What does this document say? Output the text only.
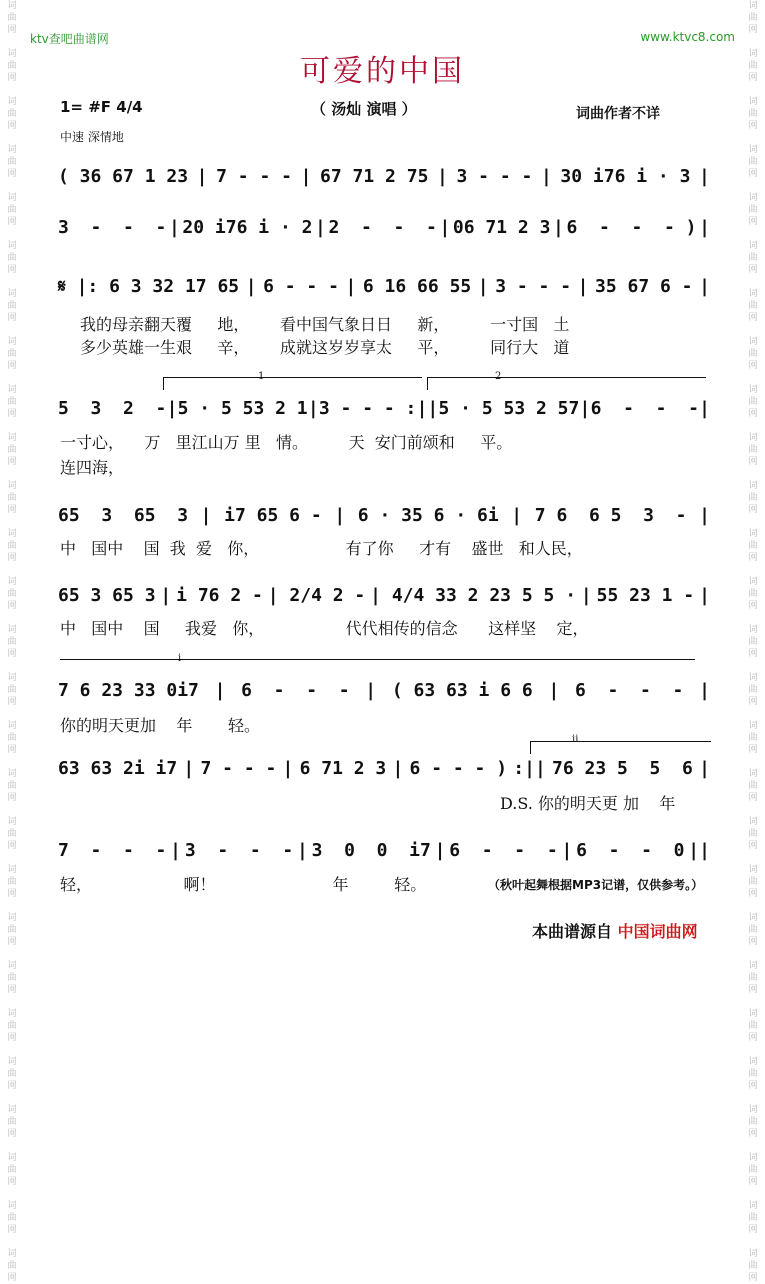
词
曲
网

词
曲
网

词
曲
网

词
曲
网

词
曲
网

词
曲
网

词
曲
网

词
曲
网

词
曲
网

词
曲
网

词
曲
网

词
曲
网

词
曲
网

词
曲
网

词
曲
网

词
曲
网

词
曲
网

词
曲
网

词
曲
网

词
曲
网

词
曲
网

词
曲
网

词
曲
网

词
曲
网

词
曲
网

词
曲
网

词
曲
网

词
曲
网

词
曲
网

词
曲
网

词
曲
网

词
曲
网

词
曲
网

词
曲
网

词
曲
网

词
曲
网

词
曲
网

词
曲
网

词
曲
网

词
曲
网

词
曲
网

词
曲
网

词
曲
网

词
曲
网

词
曲
网

词
曲
网

词
曲
网

词
曲
网

词
曲
网

词
曲
网

词
曲
网

词
曲
网

词
曲
网

词
曲
网

ktv查吧曲谱网	www.ktvc8.com
可爱的中国
1= #F 4/4
中速 深情地
（ 汤灿 演唱 ）	词曲作者不详
( 36 67 1 23 | 7 - - - | 67 71 2 75 | 3 - - - | 30 i76 i · 3 |
3  -  -  - | 20 i76 i · 2 | 2  -  -  - | 06 71 2 3 | 6  -  -  - ) |
𝄋 |: 6 3 32 17 65 | 6 - - - | 6 16 66 55 | 3 - - - | 35 67 6 - |
我的母亲翻天覆     地，      看中国气象日日     新，        一寸国   土
多少英雄一生艰     辛，      成就这岁岁享太     平，        同行大   道
1	2
5  3  2  - | 5 · 5 53 2 1 | 3 - - - : || 5 · 5 53 2 57 | 6  -  -  - |
一寸心，    万   里江山万 里   情。        天  安门前颂和     平。
连四海，
65  3  65  3 | i7 65 6 - | 6 · 35 6 · 6i | 7 6  6 5  3  - |
中   国中    国  我  爱   你，                 有了你     才有    盛世   和人民，
65 3 65 3 | i 76 2 - | 2/4 2 - | 4/4 33 2 23 5 5 · | 55 23 1 - |
中   国中    国     我爱   你，                代代相传的信念      这样坚    定，
i
7 6 23 33 0i7 | 6  -  -  - | ( 63 63 i 6 6 | 6  -  -  - |
你的明天更加    年       轻。
ii
63 63 2i i7 | 7 - - - | 6 71 2 3 | 6 - - - ) :|| 76 23 5  5  6 |
D.S. 你的明天更 加    年
7  -  -  - | 3  -  -  - | 3  0  0  i7 | 6  -  -  - | 6  -  -  0 ||
轻，                  啊！                       年         轻。	（秋叶起舞根据MP3记谱，仅供参考。）
本曲谱源自 中国词曲网
